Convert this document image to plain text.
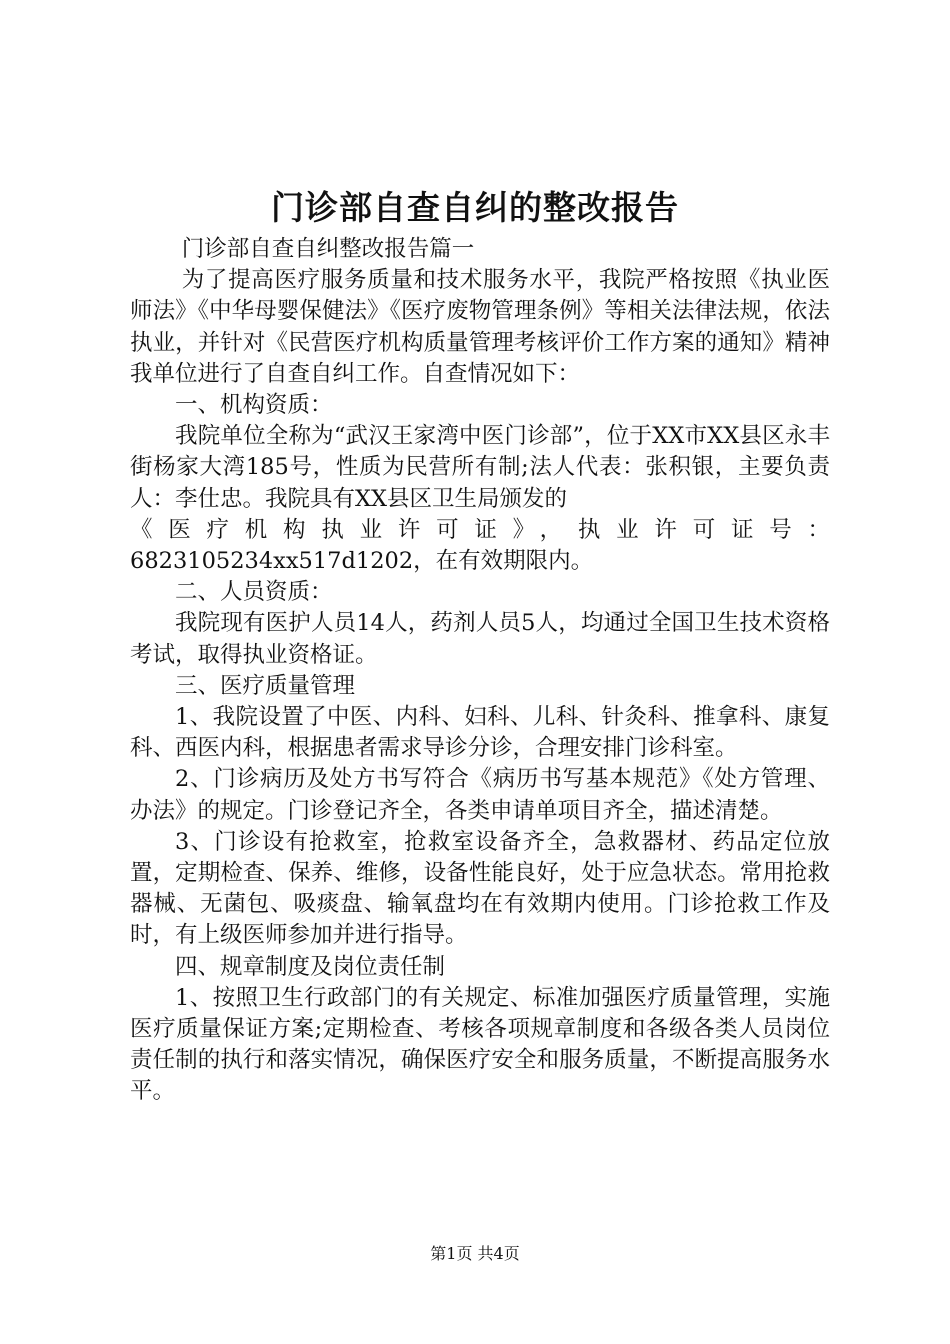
门诊部自查自纠的整改报告

门诊部自查自纠整改报告篇一

为了提高医疗服务质量和技术服务水平，我院严格按照《执业医师法》《中华母婴保健法》《医疗废物管理条例》等相关法律法规，依法执业，并针对《民营医疗机构质量管理考核评价工作方案的通知》精神我单位进行了自查自纠工作。自查情况如下：

一、机构资质：

我院单位全称为“武汉王家湾中医门诊部”，位于XX市XX县区永丰街杨家大湾185号，性质为民营所有制;法人代表：张积银，主要负责人：李仕忠。我院具有XX县区卫生局颁发的

《医疗机构执业许可证》，执业许可证号：

6823105234xx517d1202，在有效期限内。

二、人员资质：

我院现有医护人员14人，药剂人员5人，均通过全国卫生技术资格考试，取得执业资格证。

三、医疗质量管理

1、我院设置了中医、内科、妇科、儿科、针灸科、推拿科、康复科、西医内科，根据患者需求导诊分诊，合理安排门诊科室。

2、门诊病历及处方书写符合《病历书写基本规范》《处方管理、办法》的规定。门诊登记齐全，各类申请单项目齐全，描述清楚。

3、门诊设有抢救室，抢救室设备齐全，急救器材、药品定位放置，定期检查、保养、维修，设备性能良好，处于应急状态。常用抢救器械、无菌包、吸痰盘、输氧盘均在有效期内使用。门诊抢救工作及时，有上级医师参加并进行指导。

四、规章制度及岗位责任制

1、按照卫生行政部门的有关规定、标准加强医疗质量管理，实施医疗质量保证方案;定期检查、考核各项规章制度和各级各类人员岗位责任制的执行和落实情况，确保医疗安全和服务质量，不断提高服务水平。

第1页 共4页
